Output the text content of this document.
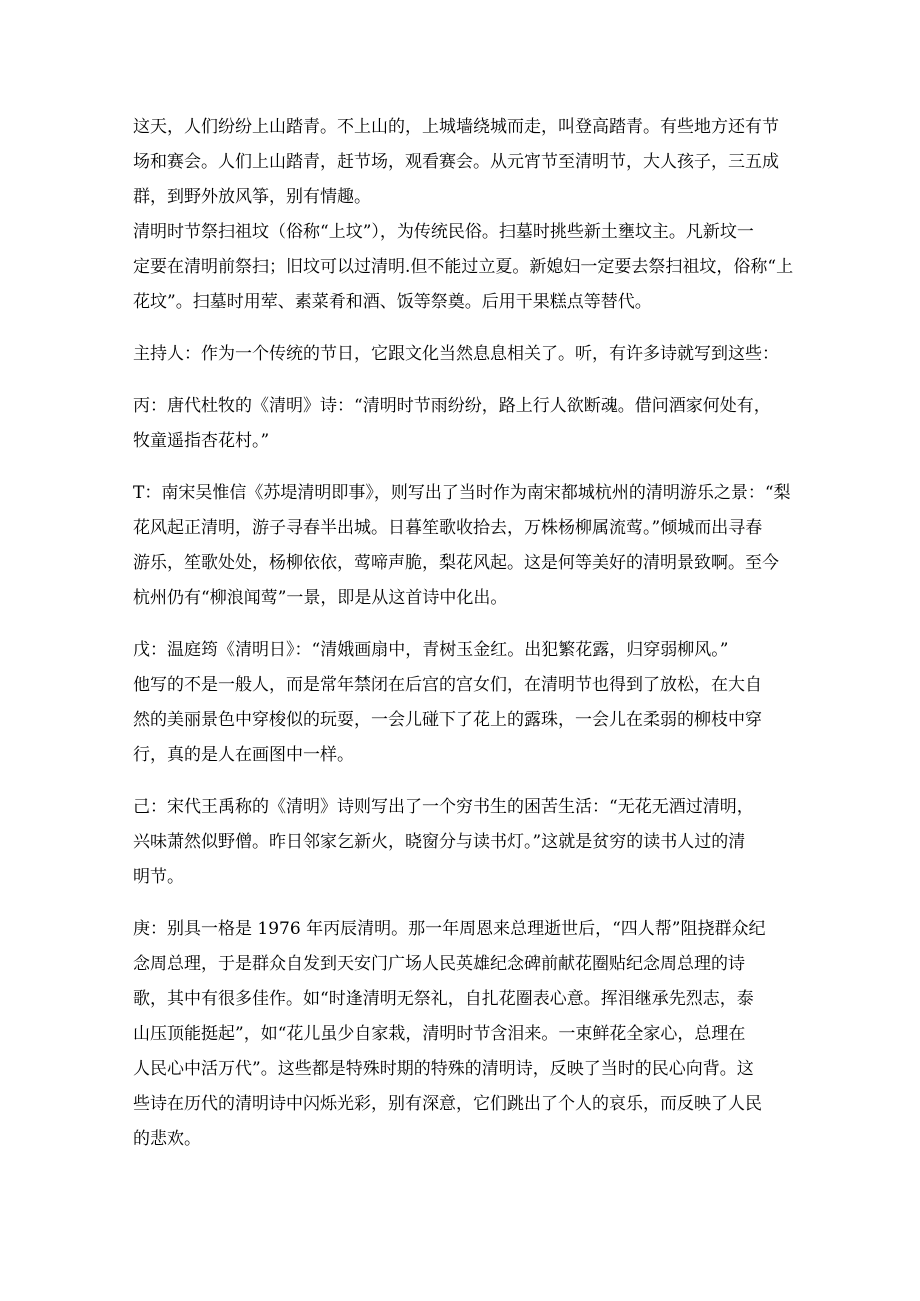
这天，人们纷纷上山踏青。不上山的，上城墙绕城而走，叫登高踏青。有些地方还有节
场和赛会。人们上山踏青，赶节场，观看赛会。从元宵节至清明节，大人孩子，三五成
群，到野外放风筝，别有情趣。
清明时节祭扫祖坟（俗称“上坟”），为传统民俗。扫墓时挑些新土壅坟主。凡新坟一
定要在清明前祭扫；旧坟可以过清明.但不能过立夏。新媳妇一定要去祭扫祖坟，俗称“上
花坟”。扫墓时用荤、素菜肴和酒、饭等祭奠。后用干果糕点等替代。
主持人：作为一个传统的节日，它跟文化当然息息相关了。听，有许多诗就写到这些：
丙：唐代杜牧的《清明》诗：“清明时节雨纷纷，路上行人欲断魂。借问酒家何处有，
牧童遥指杏花村。”
T：南宋吴惟信《苏堤清明即事》，则写出了当时作为南宋都城杭州的清明游乐之景：“梨
花风起正清明，游子寻春半出城。日暮笙歌收拾去，万株杨柳属流莺。”倾城而出寻春
游乐，笙歌处处，杨柳依依，莺啼声脆，梨花风起。这是何等美好的清明景致啊。至今
杭州仍有“柳浪闻莺”一景，即是从这首诗中化出。
戊：温庭筠《清明日》：“清娥画扇中，青树玉金红。出犯繁花露，归穿弱柳风。”
他写的不是一般人，而是常年禁闭在后宫的宫女们，在清明节也得到了放松，在大自
然的美丽景色中穿梭似的玩耍，一会儿碰下了花上的露珠，一会儿在柔弱的柳枝中穿
行，真的是人在画图中一样。
己：宋代王禹称的《清明》诗则写出了一个穷书生的困苦生活：“无花无酒过清明，
兴味萧然似野僧。昨日邻家乞新火，晓窗分与读书灯。”这就是贫穷的读书人过的清
明节。
庚：别具一格是 1976 年丙辰清明。那一年周恩来总理逝世后，“四人帮”阻挠群众纪
念周总理，于是群众自发到天安门广场人民英雄纪念碑前献花圈贴纪念周总理的诗
歌，其中有很多佳作。如“时逢清明无祭礼，自扎花圈表心意。挥泪继承先烈志，泰
山压顶能挺起”，如“花儿虽少自家栽，清明时节含泪来。一束鲜花全家心，总理在
人民心中活万代”。这些都是特殊时期的特殊的清明诗，反映了当时的民心向背。这
些诗在历代的清明诗中闪烁光彩，别有深意，它们跳出了个人的哀乐，而反映了人民
的悲欢。
